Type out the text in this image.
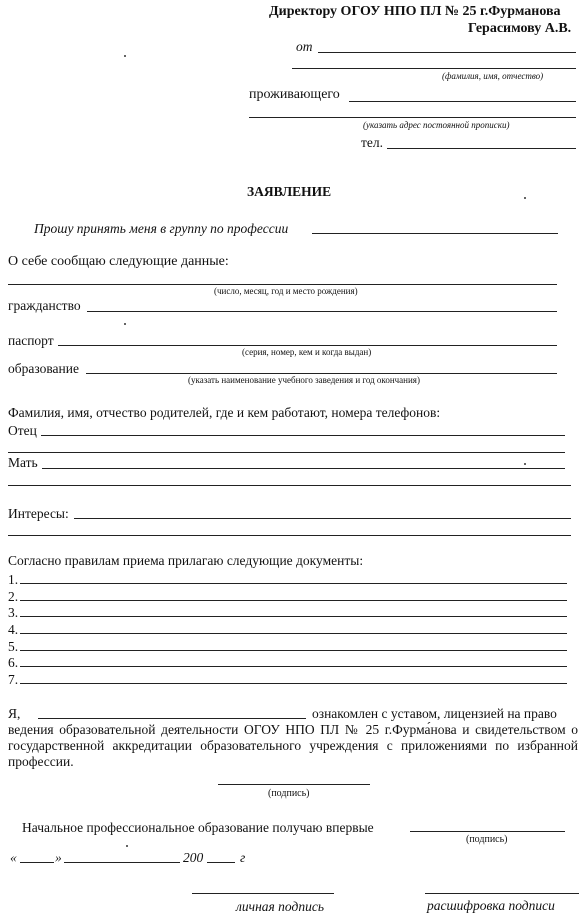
Директору ОГОУ НПО ПЛ № 25 г.Фурманова
Герасимову А.В.
от
(фамилия, имя, отчество)
проживающего
(указать адрес постоянной прописки)
тел.
ЗАЯВЛЕНИЕ
Прошу принять меня в группу по профессии
О себе сообщаю следующие данные:
(число, месяц, год и место рождения)
гражданство
паспорт
(серия, номер, кем и когда выдан)
образование
(указать наименование учебного заведения и год окончания)
Фамилия, имя, отчество родителей, где и кем работают, номера телефонов:
Отец
Мать
Интересы:
Согласно правилам приема прилагаю следующие документы:
1.
2.
3.
4.
5.
6.
7.
Я,	ознакомлен с уставом, лицензией на право
ведения образовательной деятельности ОГОУ НПО ПЛ № 25 г.Фурма́нова и свидетельством о государственной аккредитации образовательного учреждения с приложениями по избранной профессии.
(подпись)
Начальное профессиональное образование получаю впервые
(подпись)
«	»	200	г
личная подпись	расшифровка подписи
